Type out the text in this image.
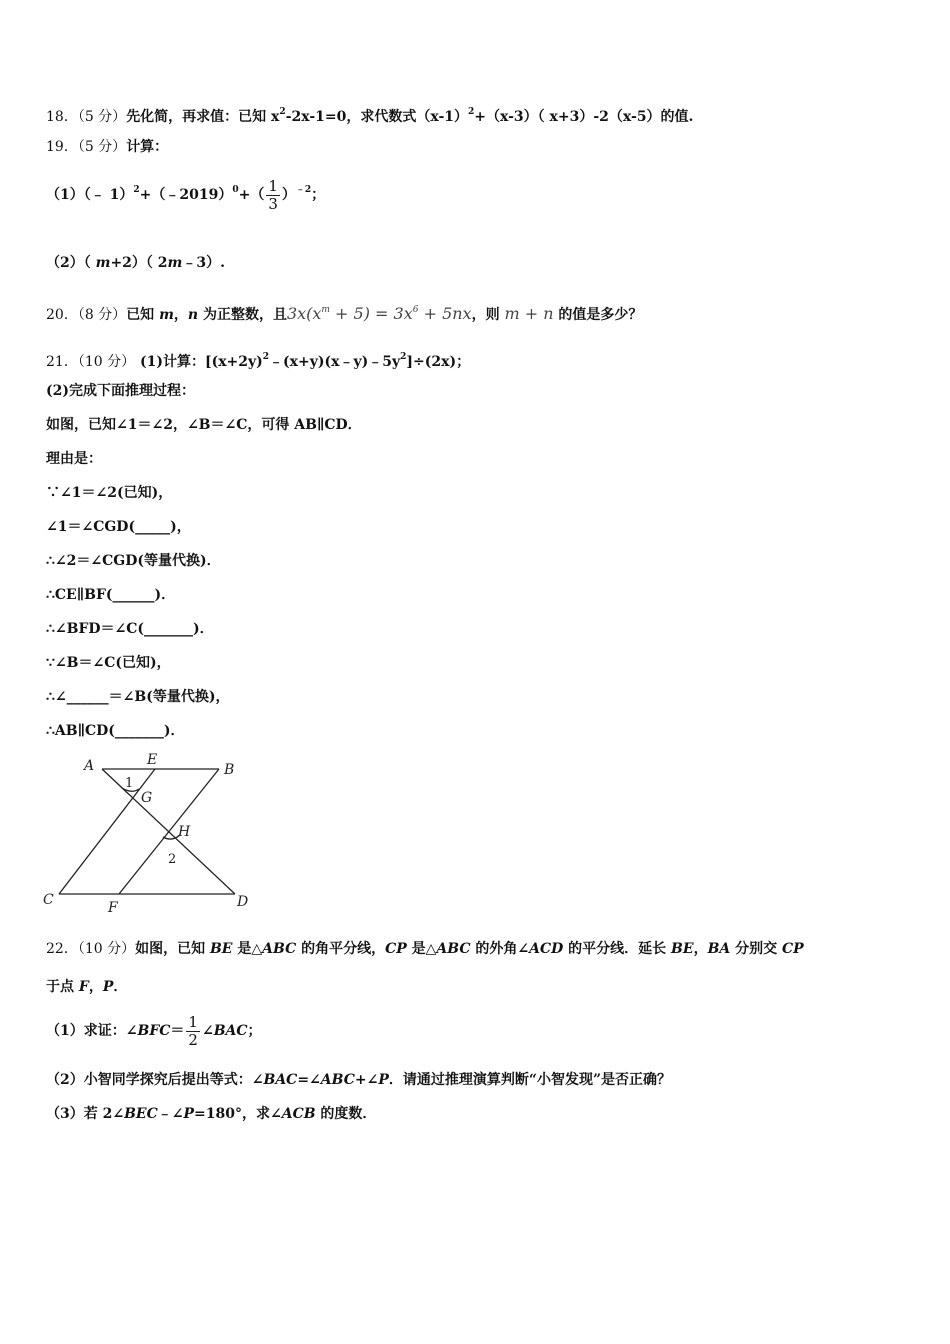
18．（5 分）先化简，再求值：已知 $x^2-2x-1=0$，求代数式$(x-1)^2+(x-3)$（ x+3）-2（x-5）的值.
19．（5 分）计算：
（1）（﹣ 1）$^2$+（﹣2019）$^0$+（ $\frac{1}{3} )^{﹣2}$；
（2）（ m+2）（ 2m﹣3）.
20．（8 分）已知 m，n 为正整数，且$3x(x^m + 5) = 3x^6 + 5nx$，则 m + n 的值是多少？
21．（10 分） (1)计算：$[(x+2y)^2﹣(x+y)(x﹣y)﹣5y^2]\div(2x)$；
(2)完成下面推理过程：
如图，已知∠1＝∠2，∠B＝∠C，可得 AB∥CD．
理由是：
∵∠1＝∠2(已知)，
∠1＝∠CGD(_____)，
∴∠2＝∠CGD(等量代换)．
∴CE∥BF(______)．
∴∠BFD＝∠C(_______)．
∵∠B＝∠C(已知)，
∴∠______＝∠B(等量代换)，
∴AB∥CD(_______)．
A	E
B
G
H
C	F	D
1
2
22．（10 分）如图，已知 BE 是△ABC 的角平分线，CP 是△ABC 的外角∠ACD 的平分线．延长 BE，BA 分别交 CP
于点 F，P．
（1）求证：∠BFC＝ $\frac{1}{2}$ ∠BAC；
（2）小智同学探究后提出等式：∠BAC=∠ABC+∠P．请通过推理演算判断“小智发现”是否正确？
（3）若 2∠BEC﹣∠P=180°，求∠ACB 的度数．
